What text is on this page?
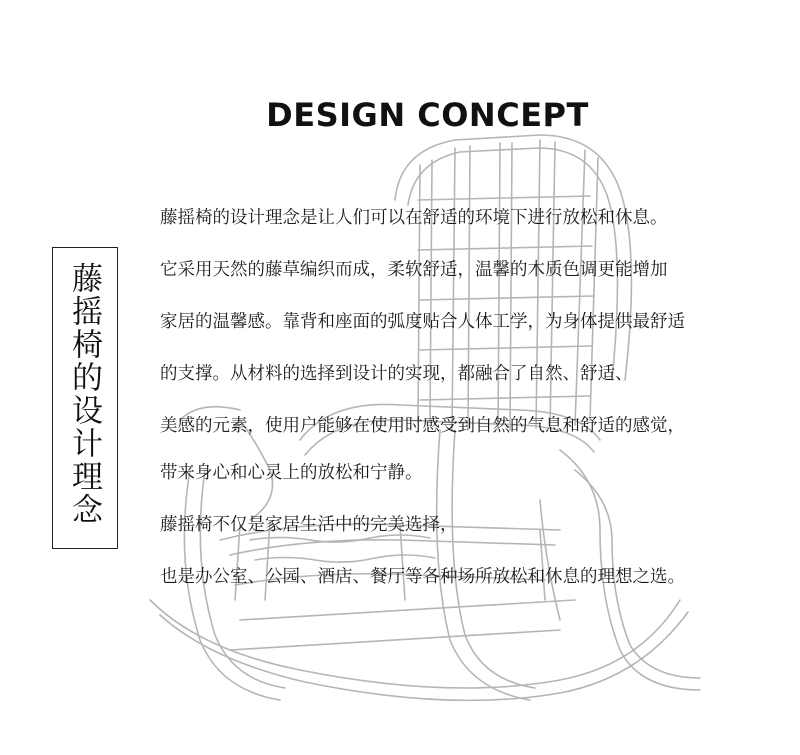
DESIGN CONCEPT
藤摇椅的设计理念
藤摇椅的设计理念是让人们可以在舒适的环境下进行放松和休息。
它采用天然的藤草编织而成，柔软舒适，温馨的木质色调更能增加
家居的温馨感。靠背和座面的弧度贴合人体工学，为身体提供最舒适
的支撑。从材料的选择到设计的实现，都融合了自然、舒适、
美感的元素，使用户能够在使用时感受到自然的气息和舒适的感觉，
带来身心和心灵上的放松和宁静。
藤摇椅不仅是家居生活中的完美选择，
也是办公室、公园、酒店、餐厅等各种场所放松和休息的理想之选。
